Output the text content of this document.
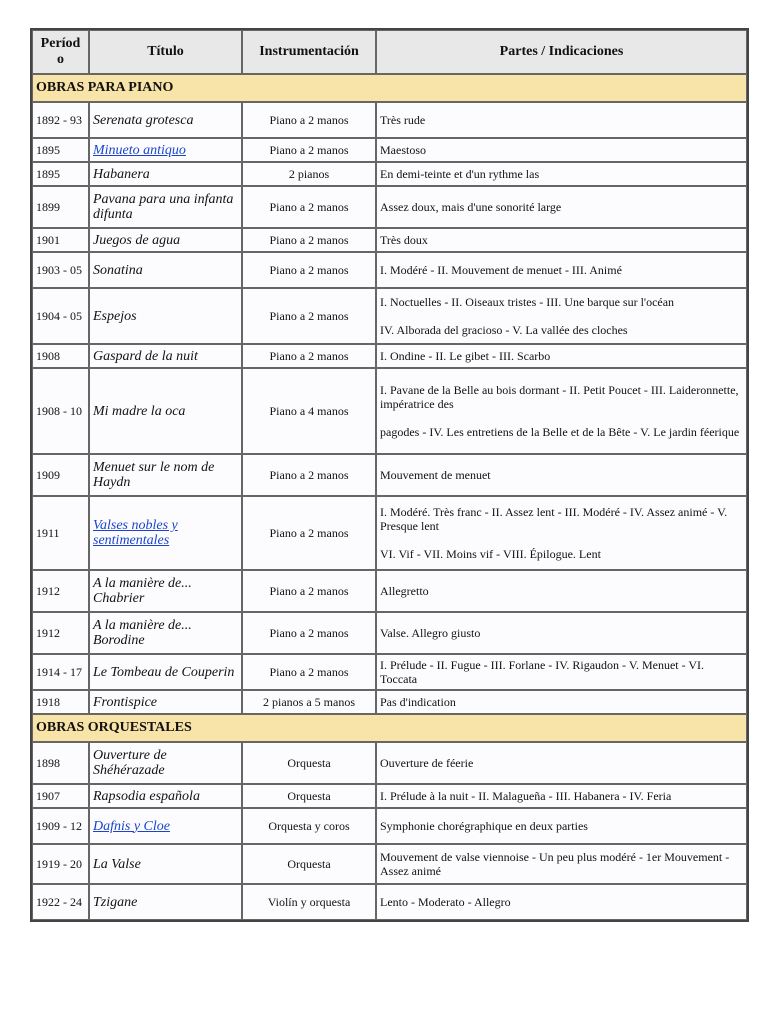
Períod o	Título	Instrumentación	Partes / Indicaciones
OBRAS PARA PIANO			
1892 - 93	Serenata grotesca	Piano a 2 manos	Très rude

1895	Minueto antiquo	Piano a 2 manos	Maestoso

1895	Habanera	2 pianos	En demi-teinte et d'un rythme las

1899	Pavana para una infanta difunta	Piano a 2 manos	Assez doux, mais d'une sonorité large

1901	Juegos de agua	Piano a 2 manos	Très doux

1903 - 05	Sonatina	Piano a 2 manos	I. Modéré - II. Mouvement de menuet - III. Animé

1904 - 05	Espejos	Piano a 2 manos	I. Noctuelles - II. Oiseaux tristes - III. Une barque sur l'océan

IV. Alborada del gracioso - V. La vallée des cloches

1908	Gaspard de la nuit	Piano a 2 manos	I. Ondine - II. Le gibet - III. Scarbo

1908 - 10	Mi madre la oca	Piano a 4 manos	I. Pavane de la Belle au bois dormant - II. Petit Poucet - III. Laideronnette, impératrice des

pagodes - IV. Les entretiens de la Belle et de la Bête - V. Le jardin féerique

1909	Menuet sur le nom de Haydn	Piano a 2 manos	Mouvement de menuet

1911	Valses nobles y sentimentales	Piano a 2 manos	I. Modéré. Très franc - II. Assez lent - III. Modéré - IV. Assez animé - V. Presque lent

VI. Vif - VII. Moins vif - VIII. Épilogue. Lent

1912	A la manière de... Chabrier	Piano a 2 manos	Allegretto

1912	A la manière de... Borodine	Piano a 2 manos	Valse. Allegro giusto

1914 - 17	Le Tombeau de Couperin	Piano a 2 manos	I. Prélude - II. Fugue - III. Forlane - IV. Rigaudon - V. Menuet - VI. Toccata

1918	Frontispice	2 pianos a 5 manos	Pas d'indication

OBRAS ORQUESTALES			
1898	Ouverture de Shéhérazade	Orquesta	Ouverture de féerie

1907	Rapsodia española	Orquesta	I. Prélude à la nuit - II. Malagueña - III. Habanera - IV. Feria

1909 - 12	Dafnis y Cloe	Orquesta y coros	Symphonie chorégraphique en deux parties

1919 - 20	La Valse	Orquesta	Mouvement de valse viennoise - Un peu plus modéré - 1er Mouvement - Assez animé

1922 - 24	Tzigane	Violín y orquesta	Lento - Moderato - Allegro
